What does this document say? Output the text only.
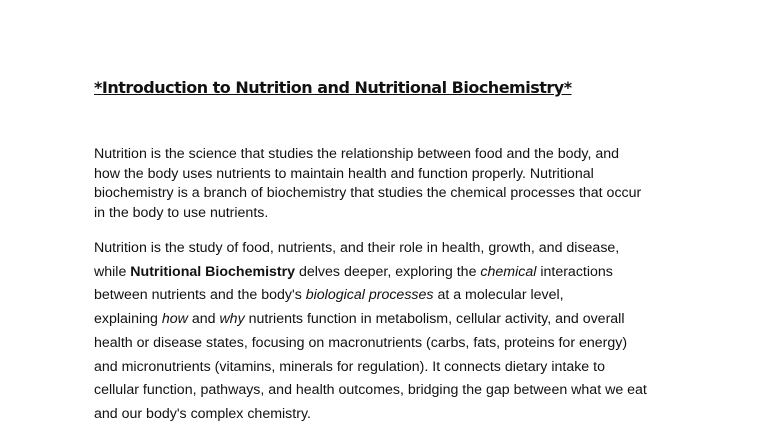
*Introduction to Nutrition and Nutritional Biochemistry*

Nutrition is the science that studies the relationship between food and the body, and
how the body uses nutrients to maintain health and function properly. Nutritional
biochemistry is a branch of biochemistry that studies the chemical processes that occur
in the body to use nutrients.

Nutrition is the study of food, nutrients, and their role in health, growth, and disease,
while Nutritional Biochemistry delves deeper, exploring the chemical interactions
between nutrients and the body's biological processes at a molecular level,
explaining how and why nutrients function in metabolism, cellular activity, and overall
health or disease states, focusing on macronutrients (carbs, fats, proteins for energy)
and micronutrients (vitamins, minerals for regulation). It connects dietary intake to
cellular function, pathways, and health outcomes, bridging the gap between what we eat
and our body's complex chemistry.
